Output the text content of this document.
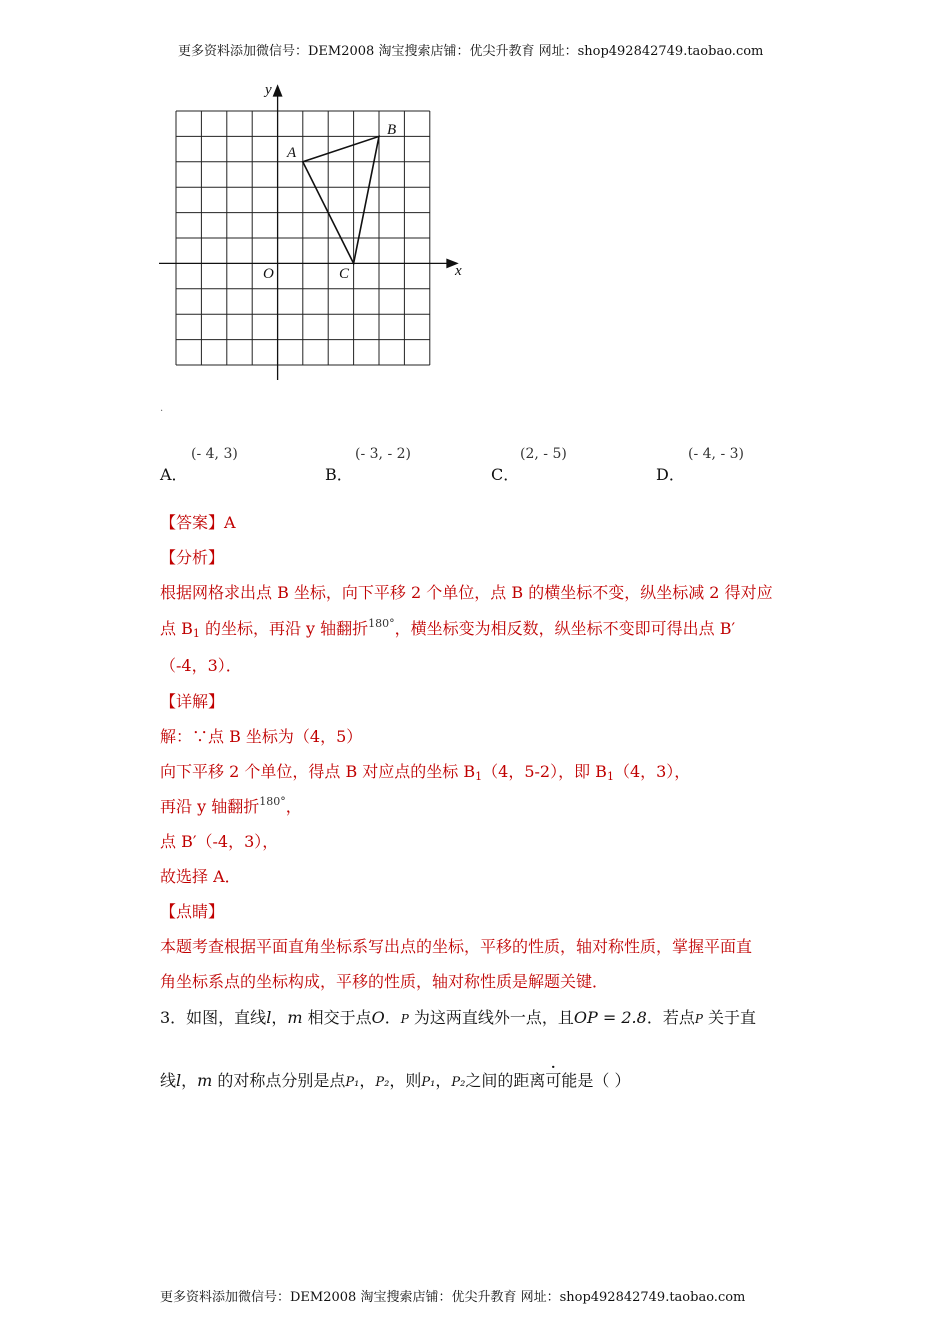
更多资料添加微信号：DEM2008 淘宝搜索店铺：优尖升教育 网址：shop492842749.taobao.com
y
x
O
A
B
C
.
A．
(- 4, 3)
B．
(- 3, - 2)
C．
(2, - 5)
D．
(- 4, - 3)
【答案】A
【分析】
根据网格求出点 B 坐标，向下平移 2 个单位，点 B 的横坐标不变，纵坐标减 2 得对应
点 $B_1$ 的坐标，再沿 y 轴翻折$^{180^\circ}$，横坐标变为相反数，纵坐标不变即可得出点 B′
（-4，3）．
【详解】
解：∵点 B 坐标为（4，5）
向下平移 2 个单位，得点 B 对应点的坐标 $B_1(4$，5-2），即 $B_1(4$，3），
再沿 y 轴翻折$^{180^\circ}$，
点 B′（-4，3），
故选择 A．
【点睛】
本题考查根据平面直角坐标系写出点的坐标，平移的性质，轴对称性质，掌握平面直
角坐标系点的坐标构成，平移的性质，轴对称性质是解题关键．
3．如图，直线l，m 相交于点O．P 为这两直线外一点，且OP = 2.8．若点P 关于直
线l，m 的对称点分别是点P₁，P₂，则P₁，P₂之间的距离可能是（ ）
更多资料添加微信号：DEM2008 淘宝搜索店铺：优尖升教育 网址：shop492842749.taobao.com
